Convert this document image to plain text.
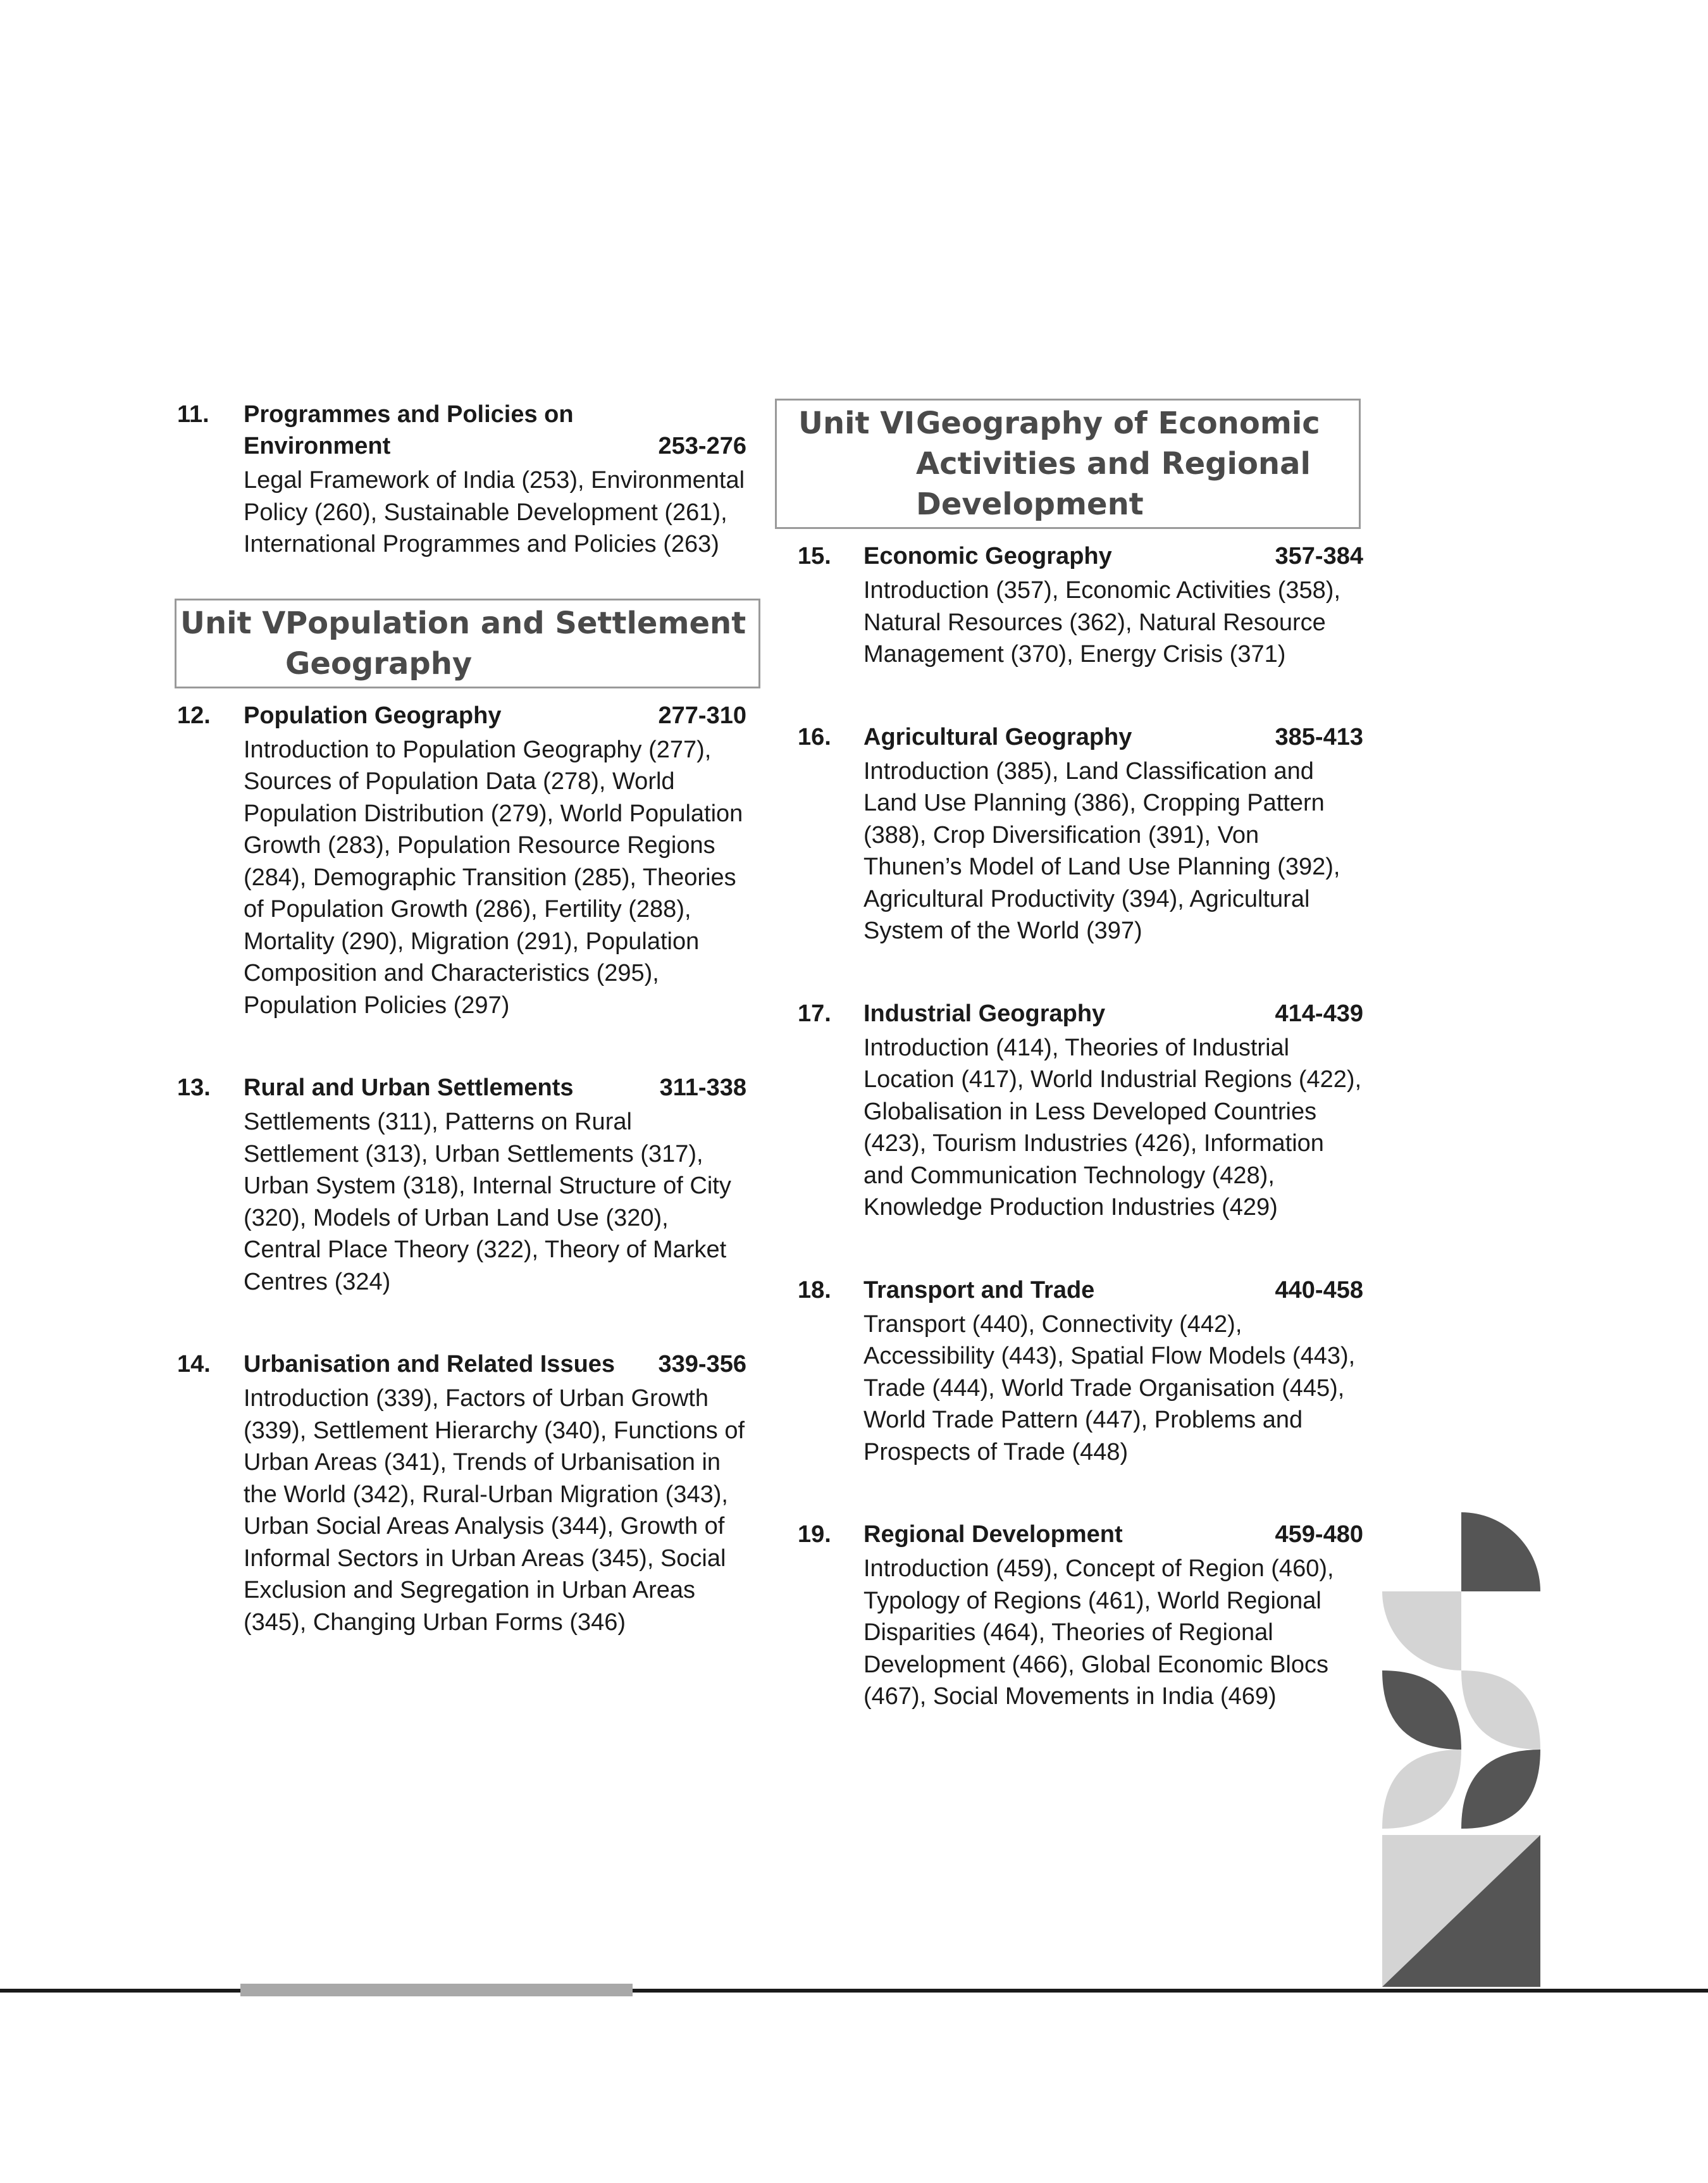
11. Programmes and Policies on
Environment	253-276
Legal Framework of India (253), Environmental Policy (260), Sustainable Development (261), International Programmes and Policies (263)
Unit V Population and Settlement
Geography
12. Population Geography	277-310
Introduction to Population Geography (277), Sources of Population Data (278), World Population Distribution (279), World Population Growth (283), Population Resource Regions (284), Demographic Transition (285), Theories of Population Growth (286), Fertility (288), Mortality (290), Migration (291), Population Composition and Characteristics (295), Population Policies (297)
13. Rural and Urban Settlements	311-338
Settlements (311), Patterns on Rural Settlement (313), Urban Settlements (317), Urban System (318), Internal Structure of City (320), Models of Urban Land Use (320), Central Place Theory (322), Theory of Market Centres (324)
14. Urbanisation and Related Issues 339-356
Introduction (339), Factors of Urban Growth (339), Settlement Hierarchy (340), Functions of Urban Areas (341), Trends of Urbanisation in the World (342), Rural-Urban Migration (343), Urban Social Areas Analysis (344), Growth of Informal Sectors in Urban Areas (345), Social Exclusion and Segregation in Urban Areas (345), Changing Urban Forms (346)
Unit VI Geography of Economic
Activities and Regional
Development
15. Economic Geography	357-384
Introduction (357), Economic Activities (358), Natural Resources (362), Natural Resource Management (370), Energy Crisis (371)
16. Agricultural Geography	385-413
Introduction (385), Land Classification and Land Use Planning (386), Cropping Pattern (388), Crop Diversification (391), Von Thunen’s Model of Land Use Planning (392), Agricultural Productivity (394), Agricultural System of the World (397)
17. Industrial Geography	414-439
Introduction (414), Theories of Industrial Location (417), World Industrial Regions (422), Globalisation in Less Developed Countries (423), Tourism Industries (426), Information and Communication Technology (428), Knowledge Production Industries (429)
18. Transport and Trade	440-458
Transport (440), Connectivity (442), Accessibility (443), Spatial Flow Models (443), Trade (444), World Trade Organisation (445), World Trade Pattern (447), Problems and Prospects of Trade (448)
19. Regional Development	459-480
Introduction (459), Concept of Region (460), Typology of Regions (461), World Regional Disparities (464), Theories of Regional Development (466), Global Economic Blocs (467), Social Movements in India (469)
